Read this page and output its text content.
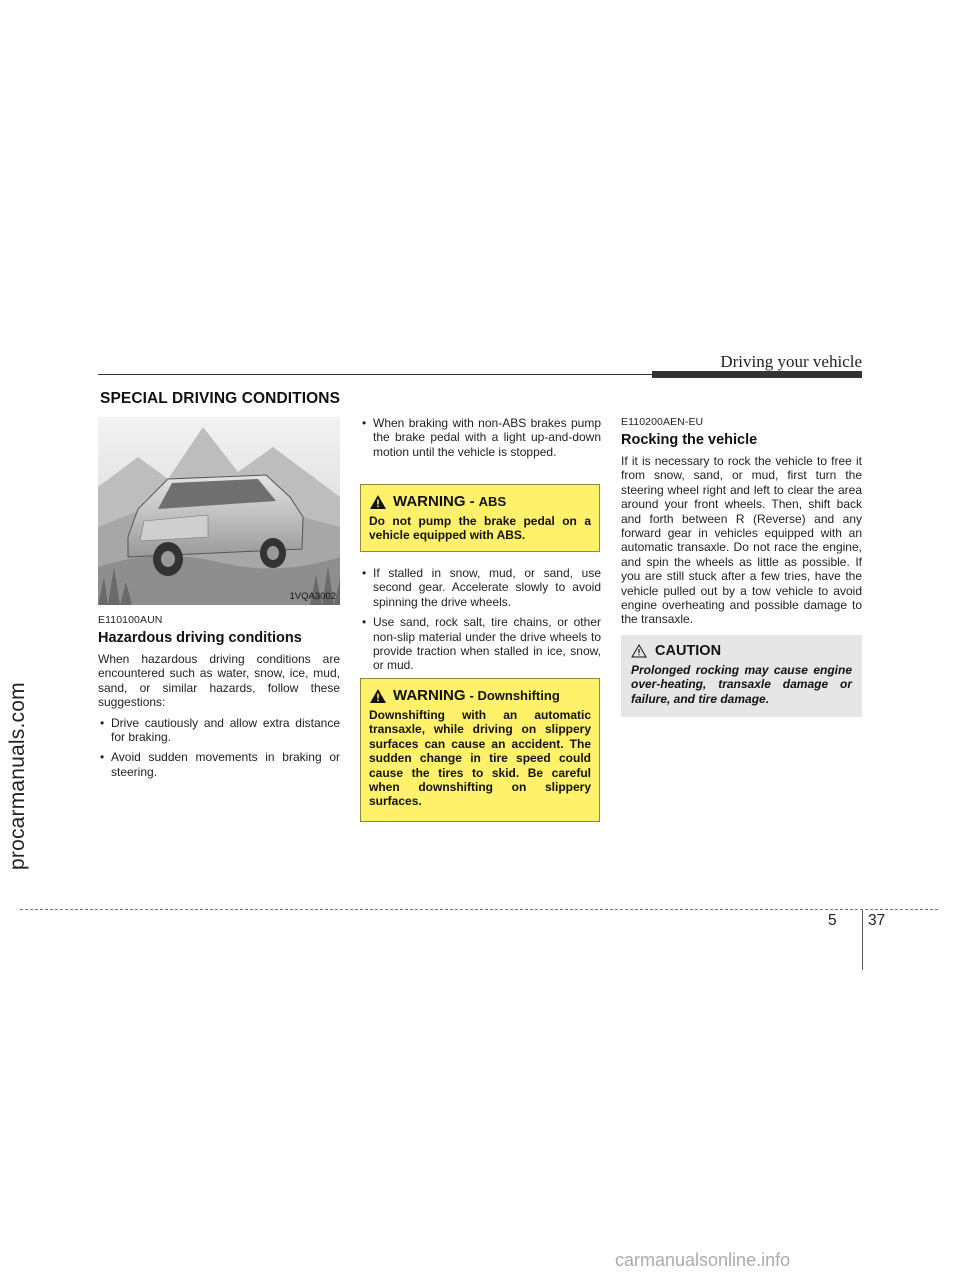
Driving your vehicle
SPECIAL DRIVING CONDITIONS
1VQA3002
E110100AUN
Hazardous driving conditions

When hazardous driving conditions are encountered such as water, snow, ice, mud, sand, or similar hazards, follow these suggestions:

• Drive cautiously and allow extra distance for braking.
• Avoid sudden movements in braking or steering.
• When braking with non-ABS brakes pump the brake pedal with a light up-and-down motion until the vehicle is stopped.
WARNING - ABS
Do not pump the brake pedal on a vehicle equipped with ABS.
• If stalled in snow, mud, or sand, use second gear. Accelerate slowly to avoid spinning the drive wheels.
• Use sand, rock salt, tire chains, or other non-slip material under the drive wheels to provide traction when stalled in ice, snow, or mud.
WARNING - Downshifting
Downshifting with an automatic transaxle, while driving on slippery surfaces can cause an accident. The sudden change in tire speed could cause the tires to skid. Be careful when downshifting on slippery surfaces.
E110200AEN-EU
Rocking the vehicle

If it is necessary to rock the vehicle to free it from snow, sand, or mud, first turn the steering wheel right and left to clear the area around your front wheels. Then, shift back and forth between R (Reverse) and any forward gear in vehicles equipped with an automatic transaxle. Do not race the engine, and spin the wheels as little as possible. If you are still stuck after a few tries, have the vehicle pulled out by a tow vehicle to avoid engine overheating and possible damage to the transaxle.

CAUTION
Prolonged rocking may cause engine over-heating, transaxle damage or failure, and tire damage.
5 37
procarmanuals.com
carmanualsonline.info
